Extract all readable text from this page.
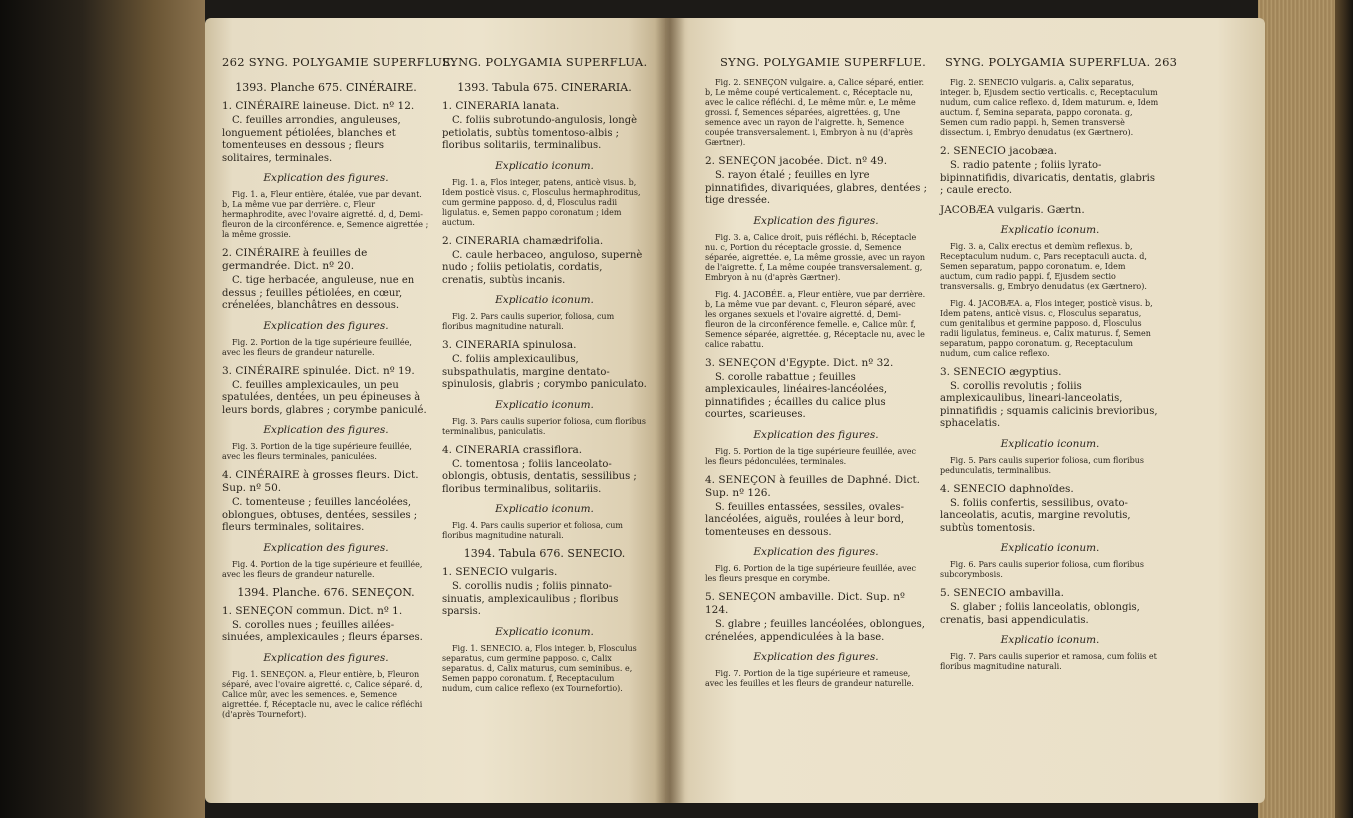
262 SYNG. POLYGAMIE SUPERFLUE.
SYNG. POLYGAMIA SUPERFLUA.	SYNG. POLYGAMIE SUPERFLUE. SYNG. POLYGAMIA SUPERFLUA. 263

1393. Planche 675. CINÉRAIRE.

1. CINÉRAIRE laineuse. Dict. nº 12.

C. feuilles arrondies, anguleuses, longuement pétiolées, blanches et tomenteuses en dessous ; fleurs solitaires, terminales.

Explication des figures.

Fig. 1. a, Fleur entière, étalée, vue par devant. b, La même vue par derrière. c, Fleur hermaphrodite, avec l'ovaire aigretté. d, d, Demi-fleuron de la circonférence. e, Semence aigrettée ; la même grossie.

2. CINÉRAIRE à feuilles de germandrée. Dict. nº 20.

C. tige herbacée, anguleuse, nue en dessus ; feuilles pétiolées, en cœur, crénelées, blanchâtres en dessous.

Explication des figures.

Fig. 2. Portion de la tige supérieure feuillée, avec les fleurs de grandeur naturelle.

3. CINÉRAIRE spinulée. Dict. nº 19.

C. feuilles amplexicaules, un peu spatulées, dentées, un peu épineuses à leurs bords, glabres ; corymbe paniculé.

Explication des figures.

Fig. 3. Portion de la tige supérieure feuillée, avec les fleurs terminales, paniculées.

4. CINÉRAIRE à grosses fleurs. Dict. Sup. nº 50.

C. tomenteuse ; feuilles lancéolées, oblongues, obtuses, dentées, sessiles ; fleurs terminales, solitaires.

Explication des figures.

Fig. 4. Portion de la tige supérieure et feuillée, avec les fleurs de grandeur naturelle.

1394. Planche. 676. SENEÇON.

1. SENEÇON commun. Dict. nº 1.

S. corolles nues ; feuilles ailées-sinuées, amplexicaules ; fleurs éparses.

Explication des figures.

Fig. 1. SENEÇON. a, Fleur entière, b, Fleuron séparé, avec l'ovaire aigretté. c, Calice séparé. d, Calice mûr, avec les semences. e, Semence aigrettée. f, Réceptacle nu, avec le calice réfléchi (d'après Tournefort).

1393. Tabula 675. CINERARIA.

1. CINERARIA lanata.

C. foliis subrotundo-angulosis, longè petiolatis, subtùs tomentoso-albis ; floribus solitariis, terminalibus.

Explicatio iconum.

Fig. 1. a, Flos integer, patens, anticè visus. b, Idem posticè visus. c, Flosculus hermaphroditus, cum germine papposo. d, d, Flosculus radii ligulatus. e, Semen pappo coronatum ; idem auctum.

2. CINERARIA chamædrifolia.

C. caule herbaceo, anguloso, supernè nudo ; foliis petiolatis, cordatis, crenatis, subtùs incanis.

Explicatio iconum.

Fig. 2. Pars caulis superior, foliosa, cum floribus magnitudine naturali.

3. CINERARIA spinulosa.

C. foliis amplexicaulibus, subspathulatis, margine dentato-spinulosis, glabris ; corymbo paniculato.

Explicatio iconum.

Fig. 3. Pars caulis superior foliosa, cum floribus terminalibus, paniculatis.

4. CINERARIA crassiflora.

C. tomentosa ; foliis lanceolato-oblongis, obtusis, dentatis, sessilibus ; floribus terminalibus, solitariis.

Explicatio iconum.

Fig. 4. Pars caulis superior et foliosa, cum floribus magnitudine naturali.

1394. Tabula 676. SENECIO.

1. SENECIO vulgaris.

S. corollis nudis ; foliis pinnato-sinuatis, amplexicaulibus ; floribus sparsis.

Explicatio iconum.

Fig. 1. SENECIO. a, Flos integer. b, Flosculus separatus, cum germine papposo. c, Calix separatus. d, Calix maturus, cum seminibus. e, Semen pappo coronatum. f, Receptaculum nudum, cum calice reflexo (ex Tournefortio).

Fig. 2. SENEÇON vulgaire. a, Calice séparé, entier. b, Le même coupé verticalement. c, Réceptacle nu, avec le calice réfléchi. d, Le même mûr. e, Le même grossi. f, Semences séparées, aigrettées. g, Une semence avec un rayon de l'aigrette. h, Semence coupée transversalement. i, Embryon à nu (d'après Gærtner).

2. SENEÇON jacobée. Dict. nº 49.

S. rayon étalé ; feuilles en lyre pinnatifides, divariquées, glabres, dentées ; tige dressée.

Explication des figures.

Fig. 3. a, Calice droit, puis réfléchi. b, Réceptacle nu. c, Portion du réceptacle grossie. d, Semence séparée, aigrettée. e, La même grossie, avec un rayon de l'aigrette. f, La même coupée transversalement. g, Embryon à nu (d'après Gærtner).

Fig. 4. JACOBÉE. a, Fleur entière, vue par derrière. b, La même vue par devant. c, Fleuron séparé, avec les organes sexuels et l'ovaire aigretté. d, Demi-fleuron de la circonférence femelle. e, Calice mûr. f, Semence séparée, aigrettée. g, Réceptacle nu, avec le calice rabattu.

3. SENEÇON d'Egypte. Dict. nº 32.

S. corolle rabattue ; feuilles amplexicaules, linéaires-lancéolées, pinnatifides ; écailles du calice plus courtes, scarieuses.

Explication des figures.

Fig. 5. Portion de la tige supérieure feuillée, avec les fleurs pédonculées, terminales.

4. SENEÇON à feuilles de Daphné. Dict. Sup. nº 126.

S. feuilles entassées, sessiles, ovales-lancéolées, aiguës, roulées à leur bord, tomenteuses en dessous.

Explication des figures.

Fig. 6. Portion de la tige supérieure feuillée, avec les fleurs presque en corymbe.

5. SENEÇON ambaville. Dict. Sup. nº 124.

S. glabre ; feuilles lancéolées, oblongues, crénelées, appendiculées à la base.

Explication des figures.

Fig. 7. Portion de la tige supérieure et rameuse, avec les feuilles et les fleurs de grandeur naturelle.

Fig. 2. SENECIO vulgaris. a, Calix separatus, integer. b, Ejusdem sectio verticalis. c, Receptaculum nudum, cum calice reflexo. d, Idem maturum. e, Idem auctum. f, Semina separata, pappo coronata. g, Semen cum radio pappi. h, Semen transversè dissectum. i, Embryo denudatus (ex Gærtnero).

2. SENECIO jacobæa.

S. radio patente ; foliis lyrato-bipinnatifidis, divaricatis, dentatis, glabris ; caule erecto.

JACOBÆA vulgaris. Gærtn.

Explicatio iconum.

Fig. 3. a, Calix erectus et demùm reflexus. b, Receptaculum nudum. c, Pars receptaculi aucta. d, Semen separatum, pappo coronatum. e, Idem auctum, cum radio pappi. f, Ejusdem sectio transversalis. g, Embryo denudatus (ex Gærtnero).

Fig. 4. JACOBÆA. a, Flos integer, posticè visus. b, Idem patens, anticè visus. c, Flosculus separatus, cum genitalibus et germine papposo. d, Flosculus radii ligulatus, femineus. e, Calix maturus. f, Semen separatum, pappo coronatum. g, Receptaculum nudum, cum calice reflexo.

3. SENECIO ægyptius.

S. corollis revolutis ; foliis amplexicaulibus, lineari-lanceolatis, pinnatifidis ; squamis calicinis brevioribus, sphacelatis.

Explicatio iconum.

Fig. 5. Pars caulis superior foliosa, cum floribus pedunculatis, terminalibus.

4. SENECIO daphnoïdes.

S. foliis confertis, sessilibus, ovato-lanceolatis, acutis, margine revolutis, subtùs tomentosis.

Explicatio iconum.

Fig. 6. Pars caulis superior foliosa, cum floribus subcorymbosis.

5. SENECIO ambavilla.

S. glaber ; foliis lanceolatis, oblongis, crenatis, basi appendiculatis.

Explicatio iconum.

Fig. 7. Pars caulis superior et ramosa, cum foliis et floribus magnitudine naturali.
